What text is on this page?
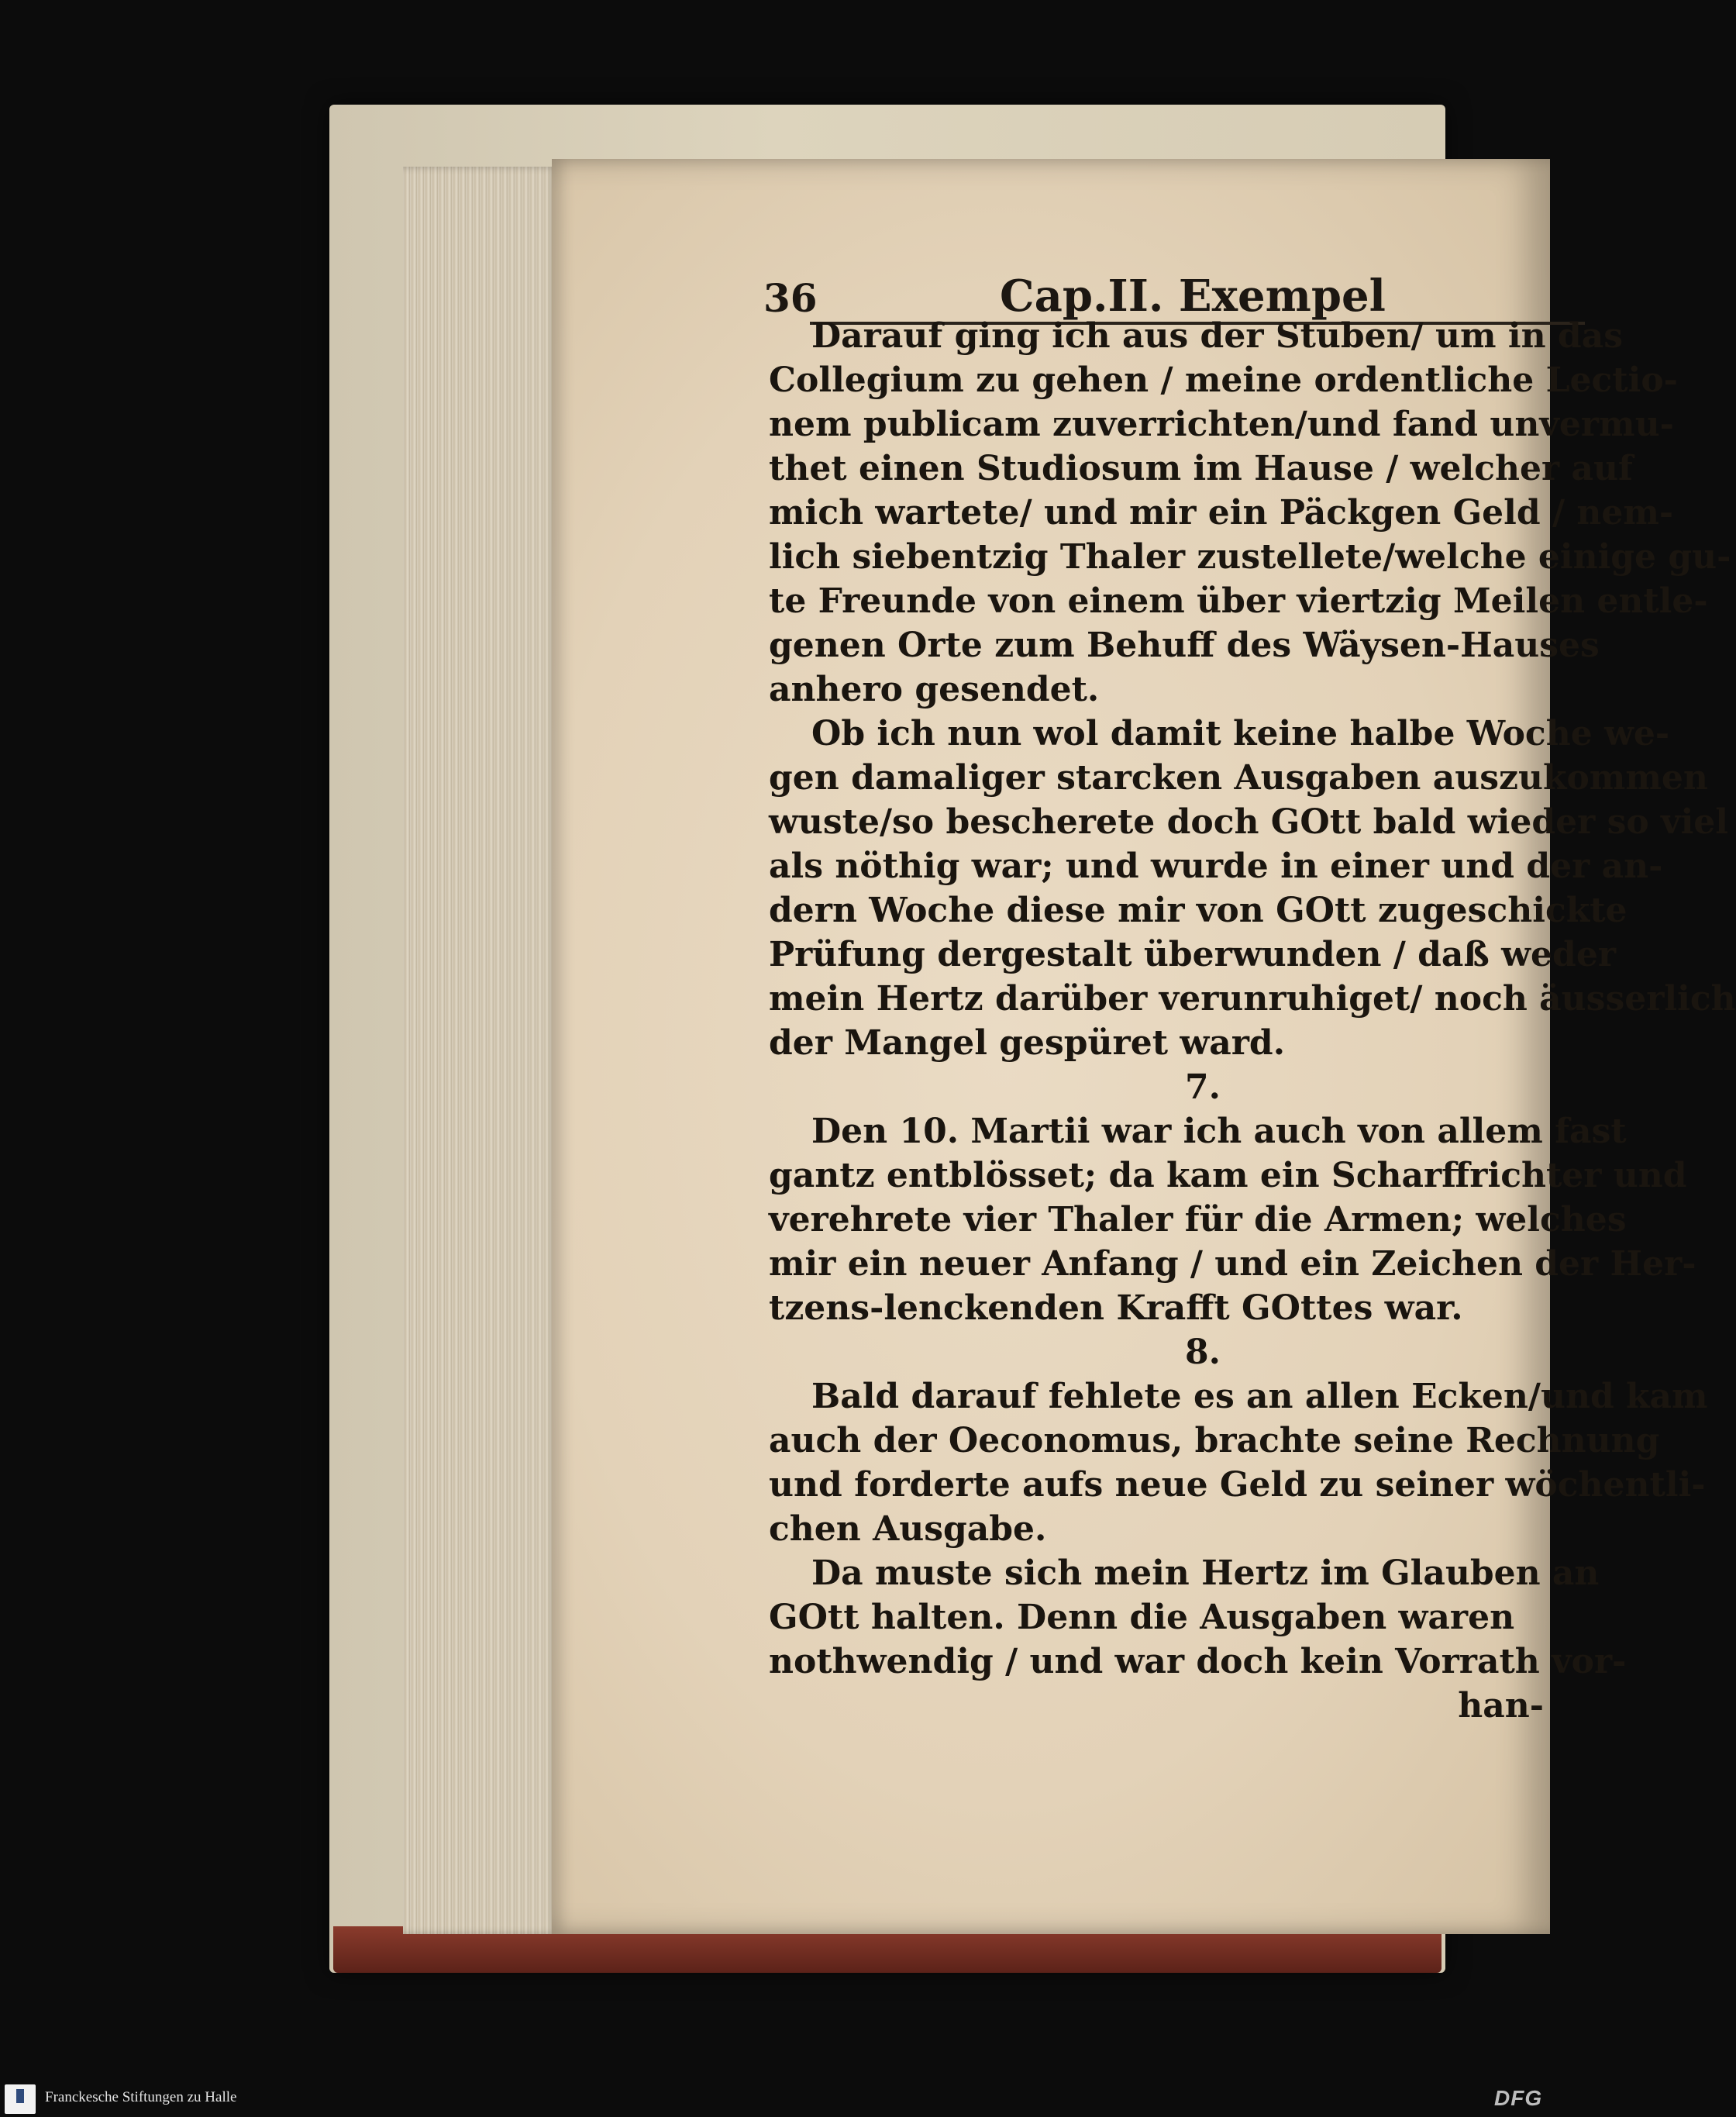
36	Cap.II. Exempel
Darauf ging ich aus der Stuben/ um in das
Collegium zu gehen / meine ordentliche Lectio-
nem publicam zuverrichten/und fand unvermu-
thet einen Studiosum im Hause / welcher auf
mich wartete/ und mir ein Päckgen Geld / nem-
lich siebentzig Thaler zustellete/welche einige gu-
te Freunde von einem über viertzig Meilen entle-
genen Orte zum Behuff des Wäysen-Hauses
anhero gesendet.
Ob ich nun wol damit keine halbe Woche we-
gen damaliger starcken Ausgaben auszukommen
wuste/so bescherete doch GOtt bald wieder so viel
als nöthig war; und wurde in einer und der an-
dern Woche diese mir von GOtt zugeschickte
Prüfung dergestalt überwunden / daß weder
mein Hertz darüber verunruhiget/ noch äusserlich
der Mangel gespüret ward.
7.
Den 10. Martii war ich auch von allem fast
gantz entblösset; da kam ein Scharffrichter und
verehrete vier Thaler für die Armen; welches
mir ein neuer Anfang / und ein Zeichen der Her-
tzens-lenckenden Krafft GOttes war.
8.
Bald darauf fehlete es an allen Ecken/und kam
auch der Oeconomus, brachte seine Rechnung
und forderte aufs neue Geld zu seiner wöchentli-
chen Ausgabe.
Da muste sich mein Hertz im Glauben an
GOtt halten. Denn die Ausgaben waren
nothwendig / und war doch kein Vorrath vor-
han-
Franckesche Stiftungen zu Halle	DFG
